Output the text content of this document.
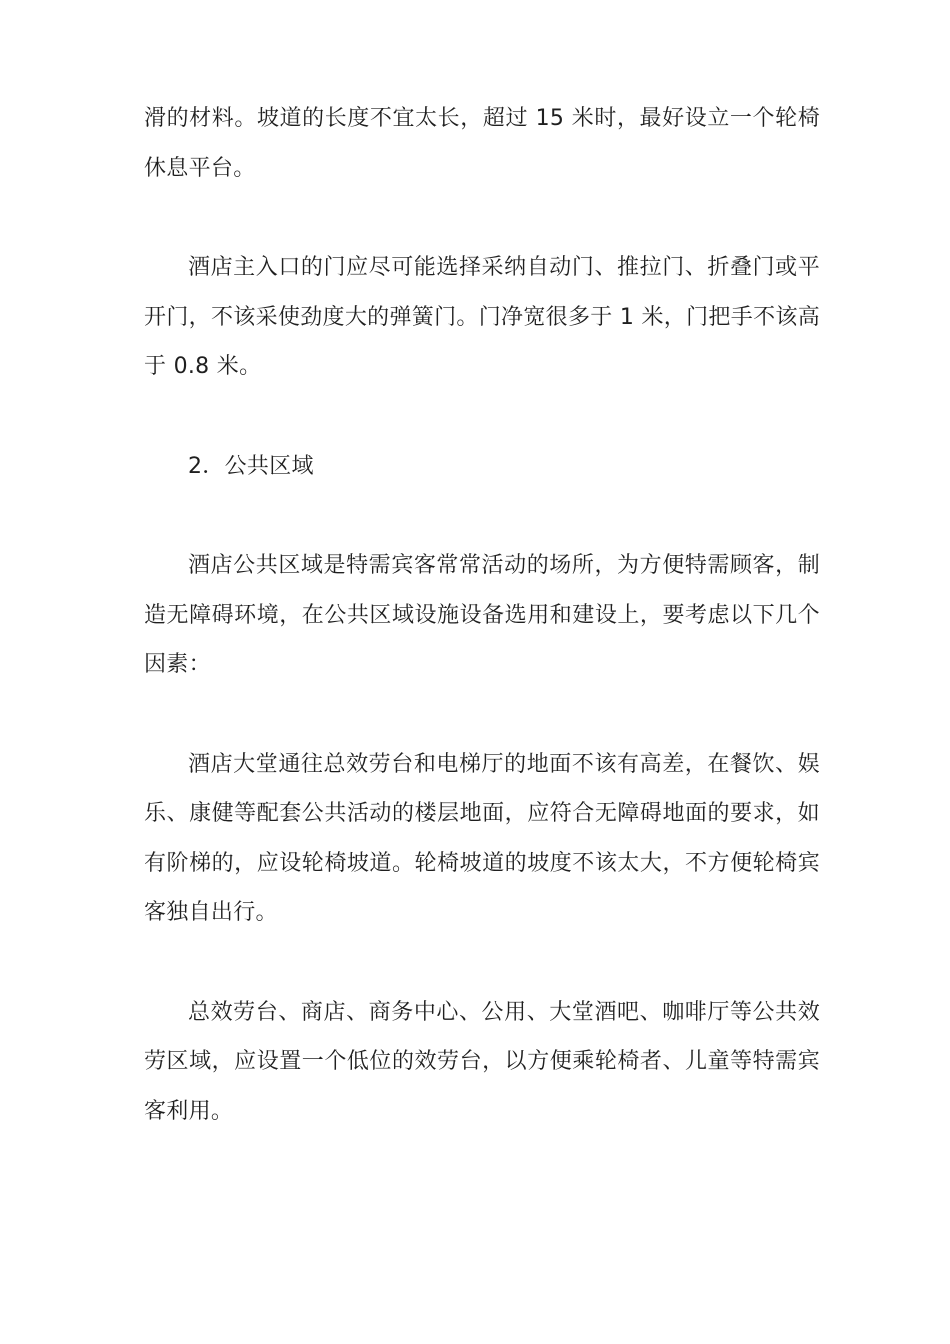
滑的材料。坡道的长度不宜太长，超过 15 米时，最好设立一个轮椅休息平台。

酒店主入口的门应尽可能选择采纳自动门、推拉门、折叠门或平开门，不该采使劲度大的弹簧门。门净宽很多于 1 米，门把手不该高于 0.8 米。

2．公共区域

酒店公共区域是特需宾客常常活动的场所，为方便特需顾客，制造无障碍环境，在公共区域设施设备选用和建设上，要考虑以下几个因素：

酒店大堂通往总效劳台和电梯厅的地面不该有高差，在餐饮、娱乐、康健等配套公共活动的楼层地面，应符合无障碍地面的要求，如有阶梯的，应设轮椅坡道。轮椅坡道的坡度不该太大，不方便轮椅宾客独自出行。

总效劳台、商店、商务中心、公用、大堂酒吧、咖啡厅等公共效劳区域，应设置一个低位的效劳台，以方便乘轮椅者、儿童等特需宾客利用。
